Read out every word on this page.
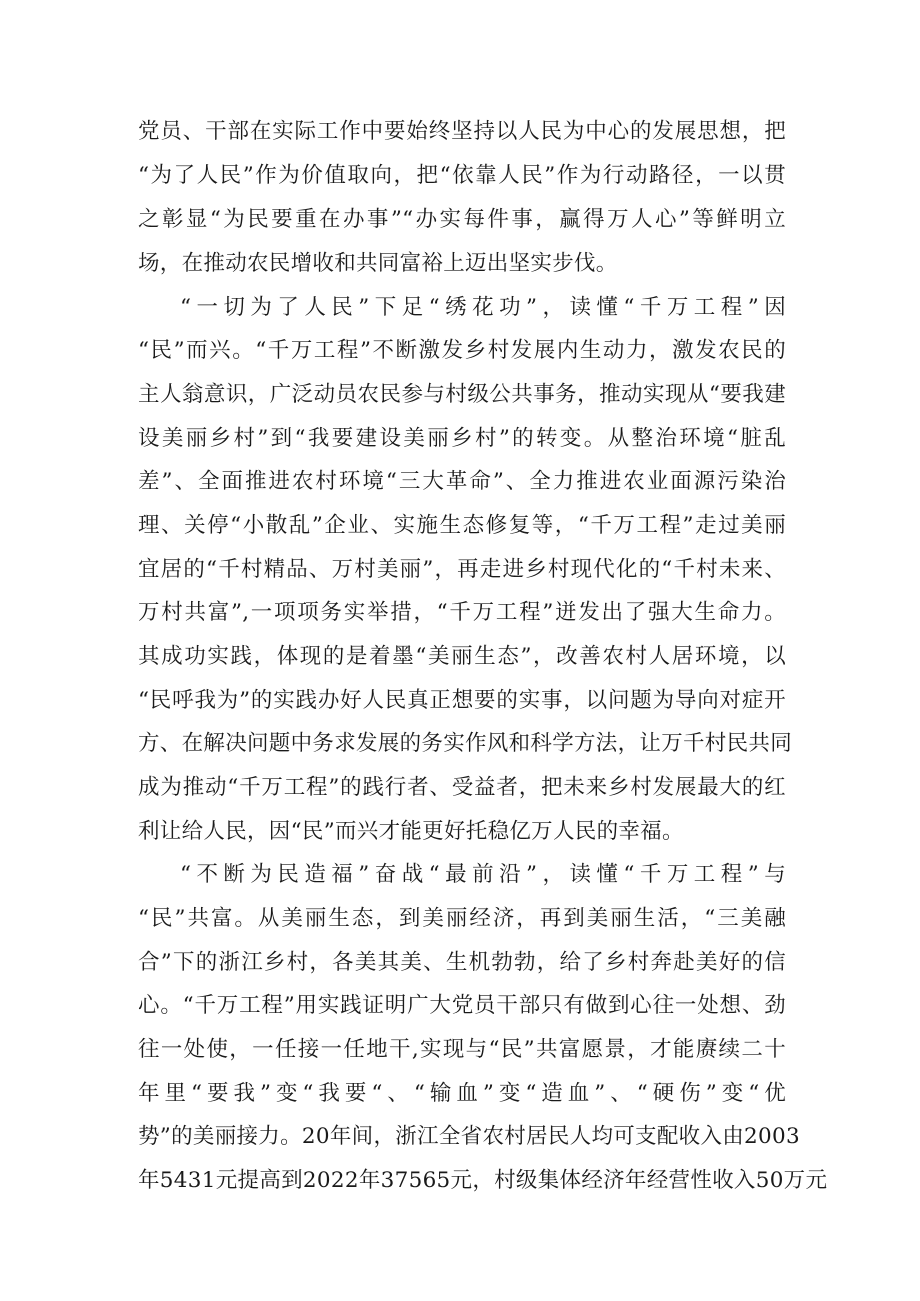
党员、干部在实际工作中要始终坚持以人民为中心的发展思想，把
“为了人民”作为价值取向，把“依靠人民”作为行动路径，一以贯
之彰显“为民要重在办事”“办实每件事，赢得万人心”等鲜明立
场，在推动农民增收和共同富裕上迈出坚实步伐。
“一切为了人民”下足“绣花功”，读懂“千万工程”因
“民”而兴。“千万工程”不断激发乡村发展内生动力，激发农民的
主人翁意识，广泛动员农民参与村级公共事务，推动实现从“要我建
设美丽乡村”到“我要建设美丽乡村”的转变。从整治环境“脏乱
差”、全面推进农村环境“三大革命”、全力推进农业面源污染治
理、关停“小散乱”企业、实施生态修复等，“千万工程”走过美丽
宜居的“千村精品、万村美丽”，再走进乡村现代化的“千村未来、
万村共富”,一项项务实举措，“千万工程”迸发出了强大生命力。
其成功实践，体现的是着墨“美丽生态”，改善农村人居环境，以
“民呼我为”的实践办好人民真正想要的实事，以问题为导向对症开
方、在解决问题中务求发展的务实作风和科学方法，让万千村民共同
成为推动“千万工程”的践行者、受益者，把未来乡村发展最大的红
利让给人民，因“民”而兴才能更好托稳亿万人民的幸福。
“不断为民造福”奋战“最前沿”，读懂“千万工程”与
“民”共富。从美丽生态，到美丽经济，再到美丽生活，“三美融
合”下的浙江乡村，各美其美、生机勃勃，给了乡村奔赴美好的信
心。“千万工程”用实践证明广大党员干部只有做到心往一处想、劲
往一处使，一任接一任地干,实现与“民”共富愿景，才能赓续二十
年里“要我”变“我要“、“输血”变“造血”、“硬伤”变“优
势”的美丽接力。20年间，浙江全省农村居民人均可支配收入由2003
年5431元提高到2022年37565元，村级集体经济年经营性收入50万元
